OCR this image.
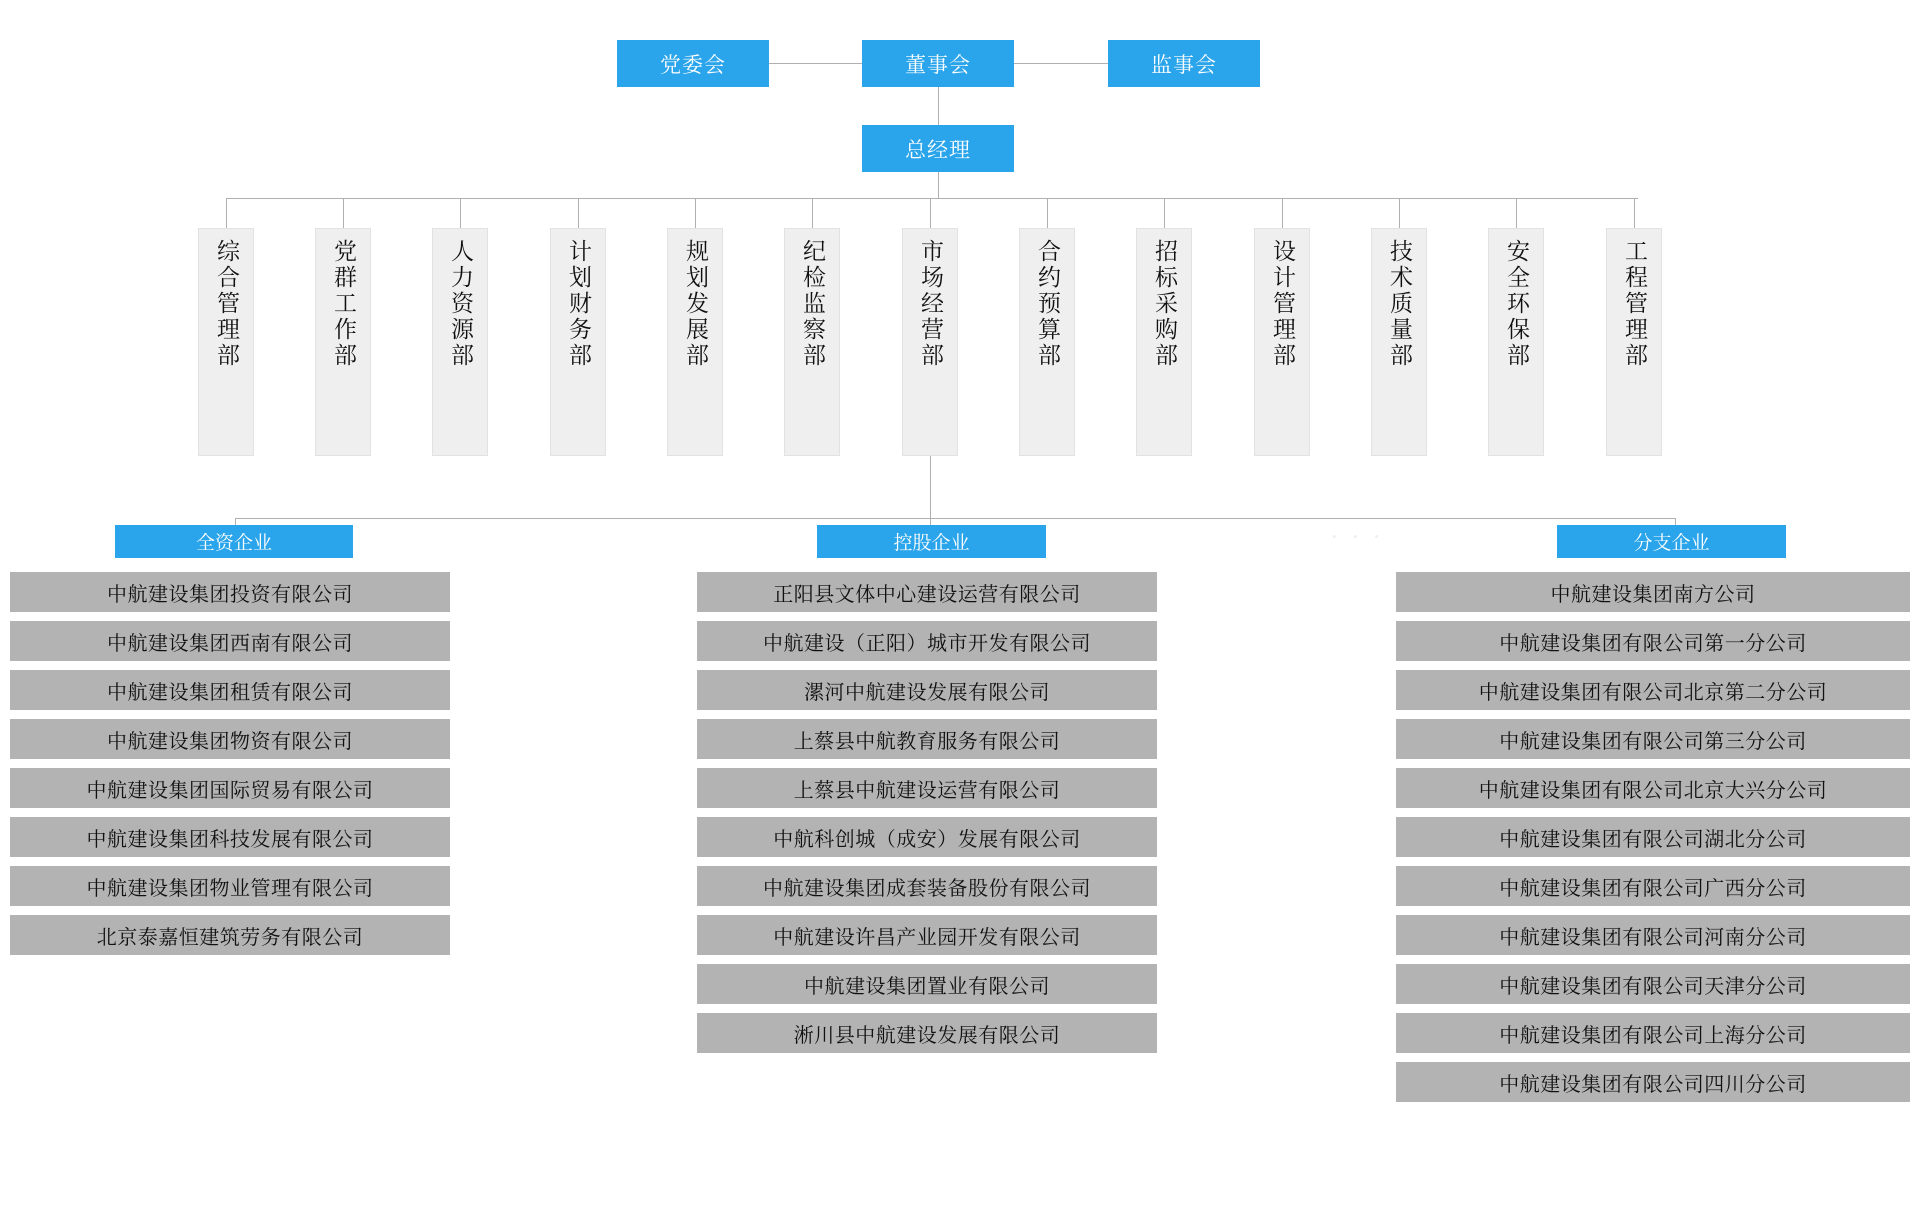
党委会	董事会	监事会
总经理
综合管理部	党群工作部	人力资源部	计划财务部	规划发展部	纪检监察部	市场经营部	合约预算部	招标采购部	设计管理部	技术质量部	安全环保部	工程管理部
全资企业	控股企业	分支企业
· · ·
中航建设集团投资有限公司
中航建设集团西南有限公司
中航建设集团租赁有限公司
中航建设集团物资有限公司
中航建设集团国际贸易有限公司
中航建设集团科技发展有限公司
中航建设集团物业管理有限公司
北京泰嘉恒建筑劳务有限公司
正阳县文体中心建设运营有限公司
中航建设（正阳）城市开发有限公司
漯河中航建设发展有限公司
上蔡县中航教育服务有限公司
上蔡县中航建设运营有限公司
中航科创城（成安）发展有限公司
中航建设集团成套装备股份有限公司
中航建设许昌产业园开发有限公司
中航建设集团置业有限公司
淅川县中航建设发展有限公司
中航建设集团南方公司
中航建设集团有限公司第一分公司
中航建设集团有限公司北京第二分公司
中航建设集团有限公司第三分公司
中航建设集团有限公司北京大兴分公司
中航建设集团有限公司湖北分公司
中航建设集团有限公司广西分公司
中航建设集团有限公司河南分公司
中航建设集团有限公司天津分公司
中航建设集团有限公司上海分公司
中航建设集团有限公司四川分公司
